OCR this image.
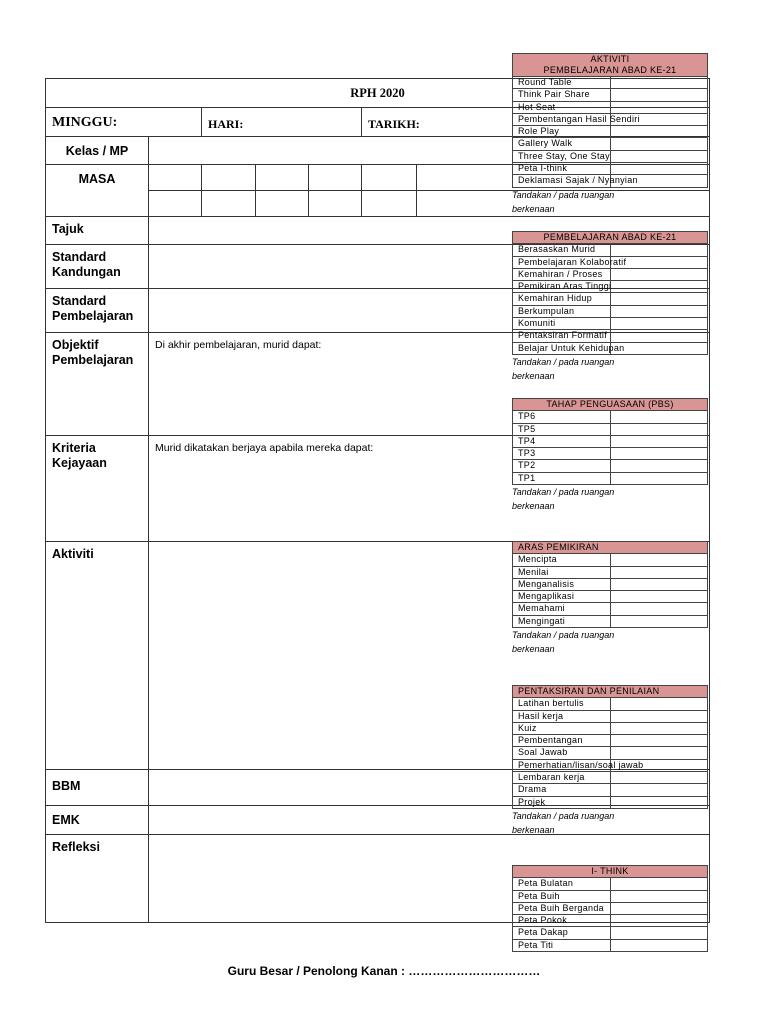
RPH 2020						
MINGGU:		HARI:			TARIKH:	
Kelas / MP						
MASA						

Tajuk						
Standard Kandungan						
Standard Pembelajaran						
Objektif Pembelajaran	Di akhir pembelajaran, murid dapat:					
Kriteria Kejayaan	Murid dikatakan berjaya apabila mereka dapat:					
Aktiviti						
BBM						
EMK						
Refleksi						
AKTIVITI
PEMBELAJARAN ABAD KE-21	
Round Table	
Think Pair Share	
Hot Seat	
Pembentangan Hasil Sendiri	
Role Play	
Gallery Walk	
Three Stay, One Stay	
Peta I-think	
Deklamasi Sajak / Nyanyian	
Tandakan / pada ruangan berkenaan
PEMBELAJARAN ABAD KE-21	
Berasaskan Murid	
Pembelajaran Kolaboratif	
Kemahiran / Proses	
Pemikiran Aras Tinggi	
Kemahiran Hidup	
Berkumpulan	
Komuniti	
Pentaksiran Formatif	
Belajar Untuk Kehidupan	
Tandakan / pada ruangan berkenaan
TAHAP PENGUASAAN (PBS)	
TP6	
TP5	
TP4	
TP3	
TP2	
TP1	
Tandakan / pada ruangan berkenaan
ARAS PEMIKIRAN	
Mencipta	
Menilai	
Menganalisis	
Mengaplikasi	
Memahami	
Mengingati	
Tandakan / pada ruangan berkenaan
PENTAKSIRAN DAN PENILAIAN	
Latihan bertulis	
Hasil kerja	
Kuiz	
Pembentangan	
Soal Jawab	
Pemerhatian/lisan/soal jawab	
Lembaran kerja	
Drama	
Projek	
Tandakan / pada ruangan berkenaan
I- THINK	
Peta Bulatan	
Peta Buih	
Peta Buih Berganda	
Peta Pokok	
Peta Dakap	
Peta Titi	
Guru Besar / Penolong Kanan : ……………………………
